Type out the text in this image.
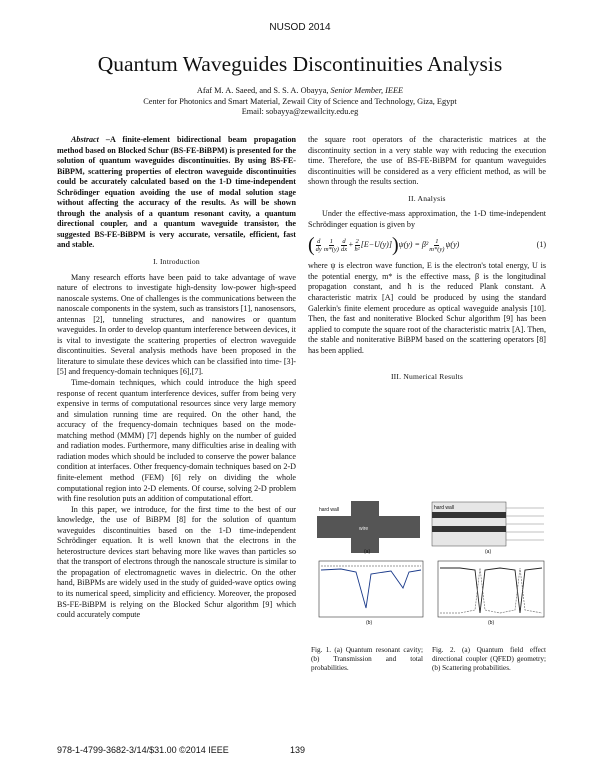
NUSOD 2014
Quantum Waveguides Discontinuities Analysis
Afaf M. A. Saeed, and S. S. A. Obayya, Senior Member, IEEE
Center for Photonics and Smart Material, Zewail City of Science and Technology, Giza, Egypt
Email: sobayya@zewailcity.edu.eg

Abstract –A finite-element bidirectional beam propagation method based on Blocked Schur (BS-FE-BiBPM) is presented for the solution of quantum waveguides discontinuities. By using BS-FE-BiBPM, scattering properties of electron waveguide discontinuities could be accurately calculated based on the 1-D time-independent Schrödinger equation avoiding the use of modal solution stage without affecting the accuracy of the results. As will be shown through the analysis of a quantum resonant cavity, a quantum directional coupler, and a quantum waveguide transistor, the suggested BS-FE-BiBPM is very accurate, versatile, efficient, fast and stable.

I. Introduction

Many research efforts have been paid to take advantage of wave nature of electrons to investigate high-density low-power high-speed nanoscale systems. One of challenges is the communications between the nanoscale components in the system, such as transistors [1], nanosensors, antennas [2], tunneling structures, and nanowires or quantum waveguides. In order to develop quantum interference between devices, it is vital to investigate the scattering properties of electron waveguide discontinuities. Several analysis methods have been proposed in the literature to simulate these devices which can be classified into time- [3]-[5] and frequency-domain techniques [6],[7].

Time-domain techniques, which could introduce the high speed response of recent quantum interference devices, suffer from being very expensive in terms of computational resources since very large memory and simulation running time are required. On the other hand, the accuracy of the frequency-domain techniques based on the mode-matching method (MMM) [7] depends highly on the number of guided and radiation modes. Furthermore, many difficulties arise in dealing with radiation modes which should be included to conserve the power balance condition at interfaces. Other frequency-domain techniques based on 2-D finite-element method (FEM) [6] rely on dividing the whole computational region into 2-D elements. Of course, solving 2-D problem with fine resolution puts an addition of computational effort.

In this paper, we introduce, for the first time to the best of our knowledge, the use of BiBPM [8] for the solution of quantum waveguides discontinuities based on the 1-D time-independent Schrödinger equation. It is well known that the electrons in the heterostructure devices start behaving more like waves than particles so that the transport of electrons through the nanoscale structure is similar to the propagation of electromagnetic waves in dielectric. On the other hand, BiBPMs are widely used in the study of guided-wave optics owing to its numerical speed, simplicity and efficiency. Moreover, the proposed BS-FE-BiBPM is relying on the Blocked Schur algorithm [9] which could accurately compute

the square root operators of the characteristic matrices at the discontinuity section in a very stable way with reducing the execution time. Therefore, the use of BS-FE-BiBPM for quantum waveguides discontinuities will be considered as a very efficient method, as will be shown through the results section.

II. Analysis

Under the effective-mass approximation, the 1-D time-independent Schrödinger equation is given by

( $\frac{d}{dy} \frac{1}{m*(y)} \frac{d}{dx} + \frac{2}{\text{ħ²}} [E-U(y)]$ ) $\psi(y) = \beta^2 \frac{1}{m*(y)} \psi(y)$	(1)

where ψ is electron wave function, E is the electron's total energy, U is the potential energy, m* is the effective mass, β is the longitudinal propagation constant, and ħ is the reduced Plank constant. A characteristic matrix [A] could be produced by using the standard Galerkin's finite element procedure as optical waveguide analysis [10]. Then, the fast and noniterative Blocked Schur algorithm [9] has been applied to compute the square root of the characteristic matrix [A]. Then, the stable and noniterative BiBPM based on the scattering operators [8] has been applied.

III. Numerical Results
hard wall
wire
(a)
(b)
hard wall
(a)
(b)
Fig. 1. (a) Quantum resonant cavity; (b) Transmission and total probabilities.
Fig. 2. (a) Quantum field effect directional coupler (QFED) geometry; (b) Scattering probabilities.
978-1-4799-3682-3/14/$31.00 ©2014 IEEE	139
